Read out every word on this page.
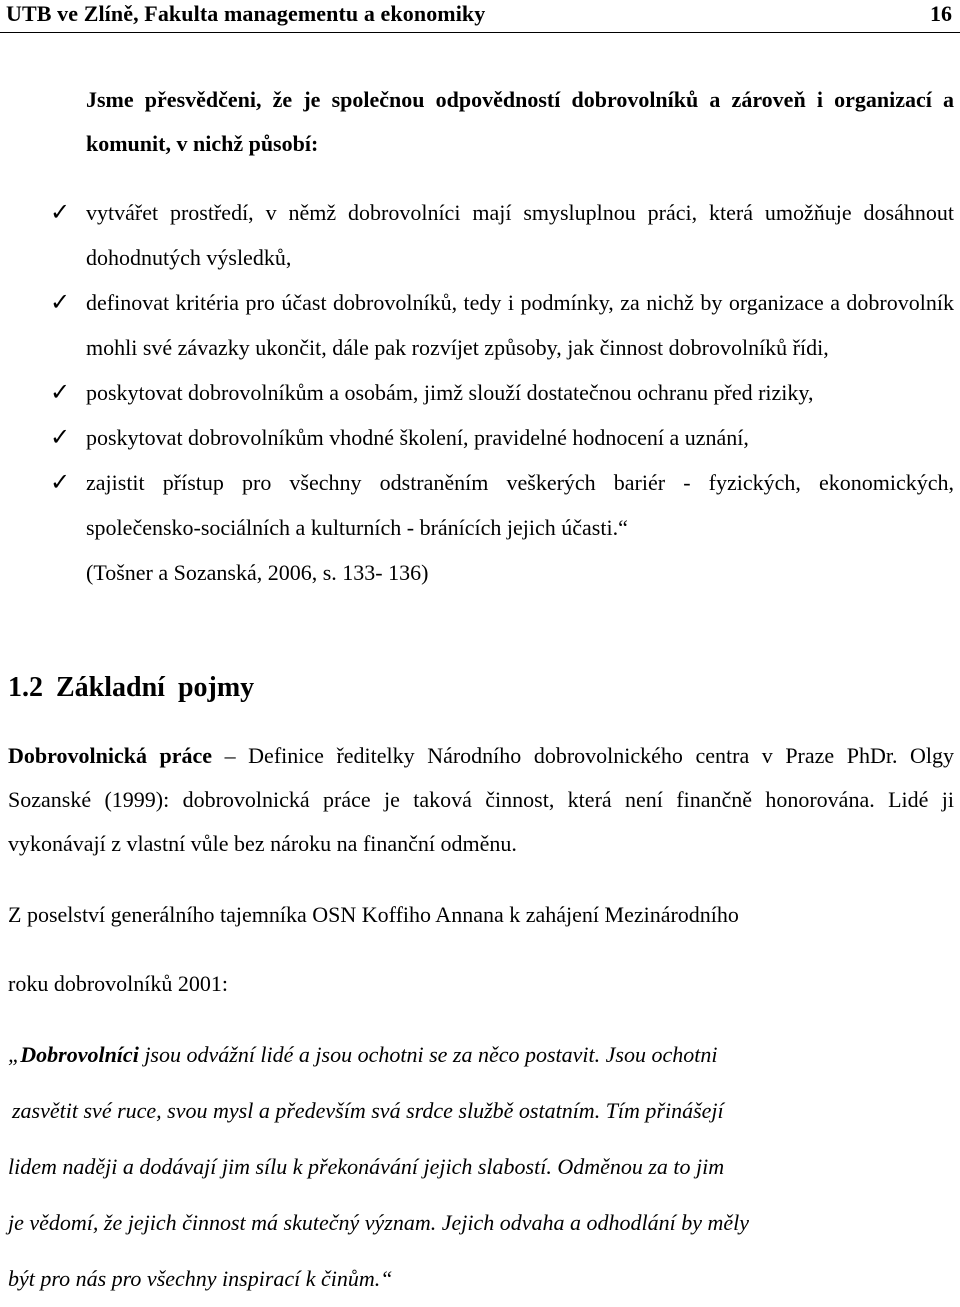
UTB ve Zlíně, Fakulta managementu a ekonomiky	16

Jsme přesvědčeni, že je společnou odpovědností dobrovolníků a zároveň i organizací a komunit, v nichž působí:

✓ vytvářet prostředí, v němž dobrovolníci mají smysluplnou práci, která umožňuje dosáhnout dohodnutých výsledků,
✓ definovat kritéria pro účast dobrovolníků, tedy i podmínky, za nichž by organizace a dobrovolník mohli své závazky ukončit, dále pak rozvíjet způsoby, jak činnost dobrovolníků řídi,
✓ poskytovat dobrovolníkům a osobám, jimž slouží dostatečnou ochranu před riziky,
✓ poskytovat dobrovolníkům vhodné školení, pravidelné hodnocení a uznání,
✓ zajistit přístup pro všechny odstraněním veškerých bariér - fyzických, ekonomických, společensko-sociálních a kulturních - bránících jejich účasti.“
(Tošner a Sozanská, 2006, s. 133- 136)
1.2 Základní pojmy

Dobrovolnická práce – Definice ředitelky Národního dobrovolnického centra v Praze PhDr. Olgy Sozanské (1999): dobrovolnická práce je taková činnost, která není finančně honorována. Lidé ji vykonávají z vlastní vůle bez nároku na finanční odměnu.

Z poselství generálního tajemníka OSN Koffiho Annana k zahájení Mezinárodního
roku dobrovolníků 2001:
„Dobrovolníci jsou odvážní lidé a jsou ochotni se za něco postavit. Jsou ochotni
zasvětit své ruce, svou mysl a především svá srdce službě ostatním. Tím přinášejí
lidem naději a dodávají jim sílu k překonávání jejich slabostí. Odměnou za to jim
je vědomí, že jejich činnost má skutečný význam. Jejich odvaha a odhodlání by měly
být pro nás pro všechny inspirací k činům.“
